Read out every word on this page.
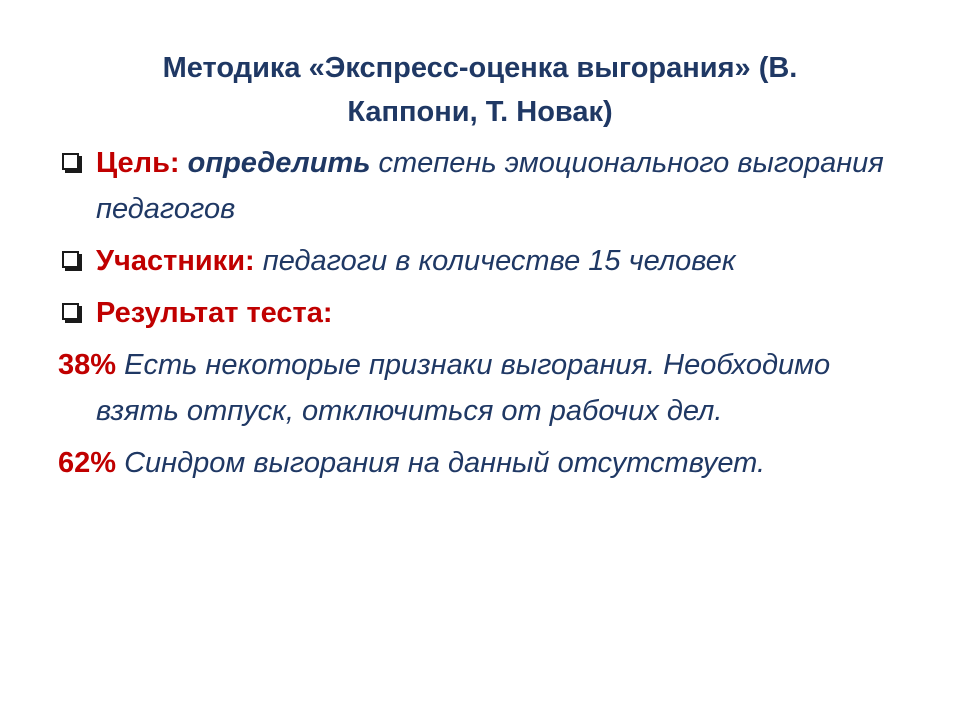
Методика «Экспресс-оценка выгорания» (В.
Каппони, Т. Новак)
Цель: определить степень эмоционального выгорания педагогов
Участники: педагоги в количестве 15 человек
Результат теста:
38% Есть некоторые признаки выгорания. Необходимо взять отпуск, отключиться от рабочих дел.
62% Синдром выгорания на данный отсутствует.
